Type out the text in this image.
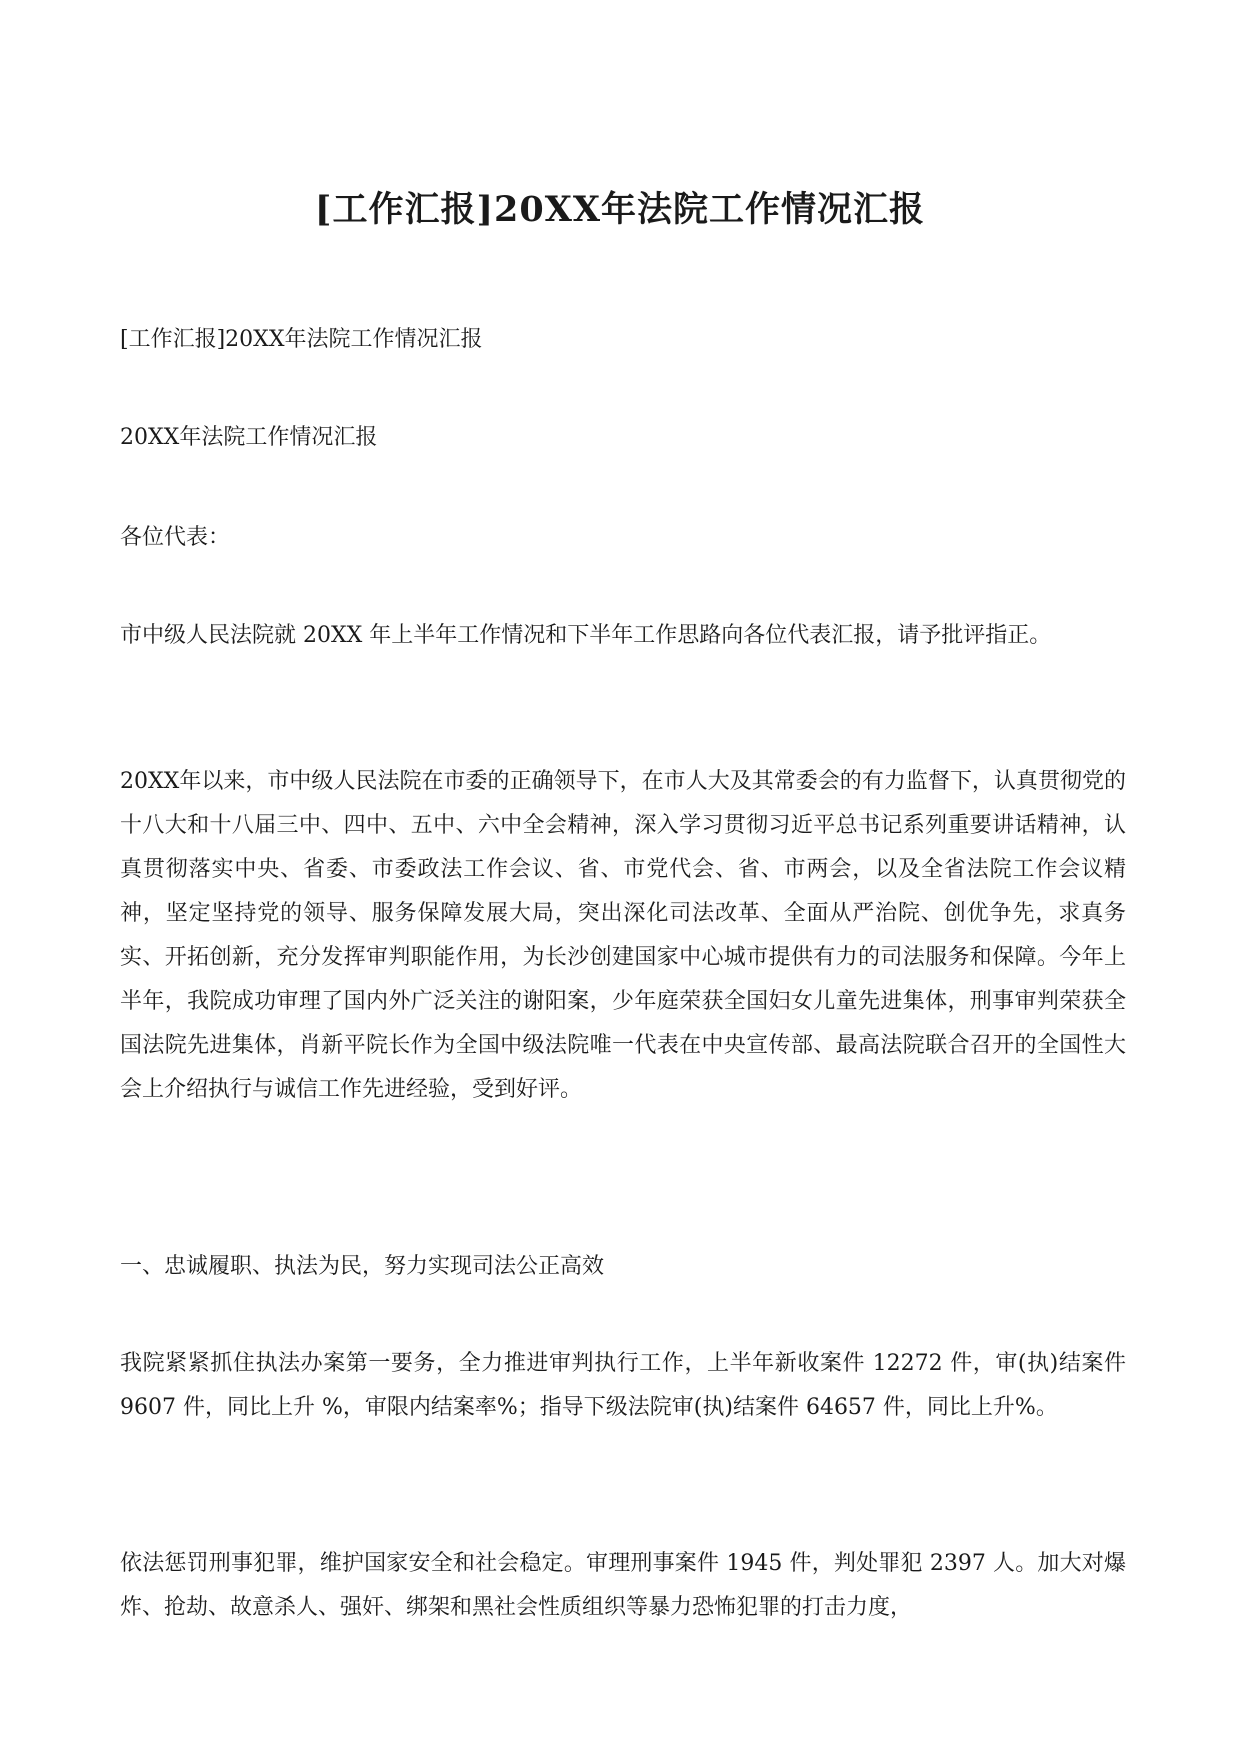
[工作汇报]20XX年法院工作情况汇报

[工作汇报]20XX年法院工作情况汇报

20XX年法院工作情况汇报

各位代表：

市中级人民法院就 20XX 年上半年工作情况和下半年工作思路向各位代表汇报，请予批评指正。

20XX年以来，市中级人民法院在市委的正确领导下，在市人大及其常委会的有力监督下，认真贯彻党的十八大和十八届三中、四中、五中、六中全会精神，深入学习贯彻习近平总书记系列重要讲话精神，认真贯彻落实中央、省委、市委政法工作会议、省、市党代会、省、市两会，以及全省法院工作会议精神，坚定坚持党的领导、服务保障发展大局，突出深化司法改革、全面从严治院、创优争先，求真务实、开拓创新，充分发挥审判职能作用，为长沙创建国家中心城市提供有力的司法服务和保障。今年上半年，我院成功审理了国内外广泛关注的谢阳案，少年庭荣获全国妇女儿童先进集体，刑事审判荣获全国法院先进集体，肖新平院长作为全国中级法院唯一代表在中央宣传部、最高法院联合召开的全国性大会上介绍执行与诚信工作先进经验，受到好评。

一、忠诚履职、执法为民，努力实现司法公正高效

我院紧紧抓住执法办案第一要务，全力推进审判执行工作，上半年新收案件 12272 件，审(执)结案件 9607 件，同比上升 %，审限内结案率%；指导下级法院审(执)结案件 64657 件，同比上升%。

依法惩罚刑事犯罪，维护国家安全和社会稳定。审理刑事案件 1945 件，判处罪犯 2397 人。加大对爆炸、抢劫、故意杀人、强奸、绑架和黑社会性质组织等暴力恐怖犯罪的打击力度，
